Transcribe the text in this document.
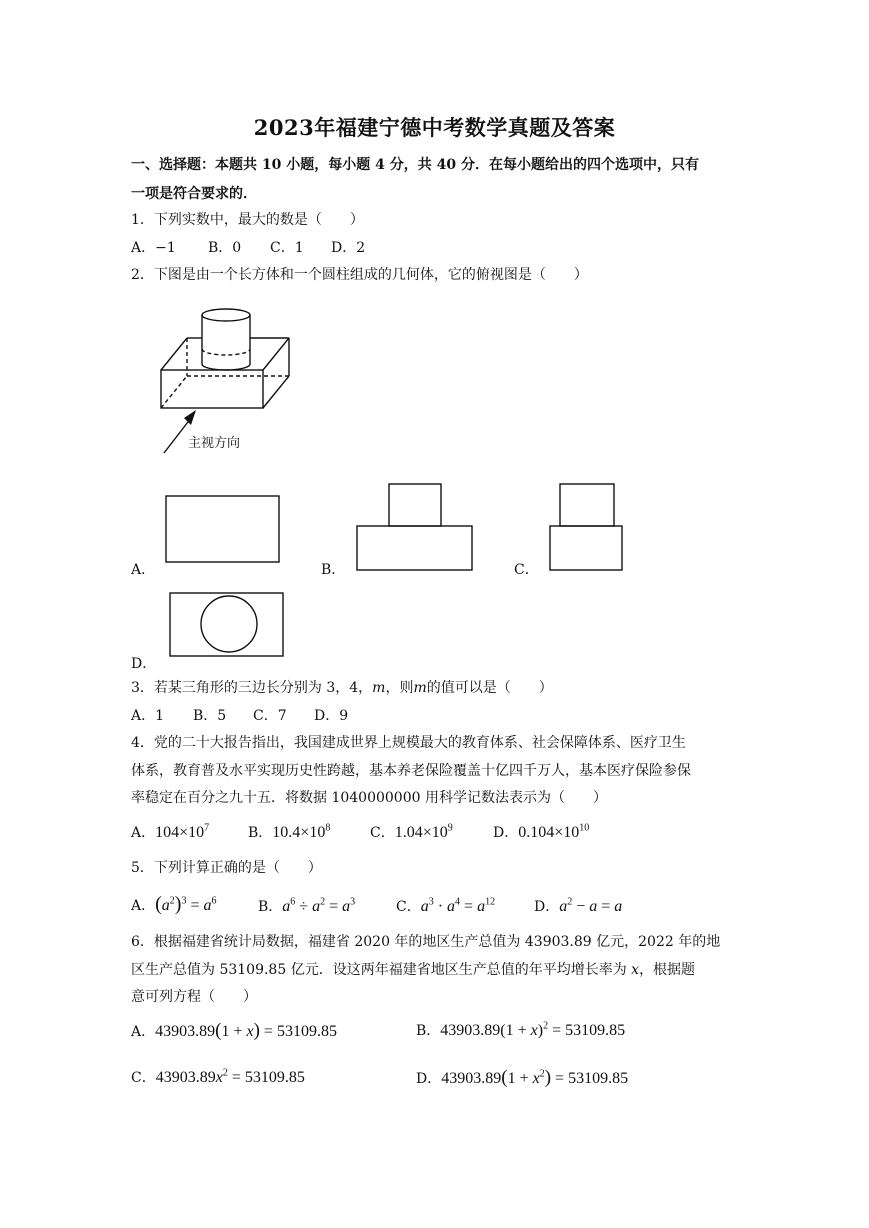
2023年福建宁德中考数学真题及答案
一、选择题：本题共 10 小题，每小题 4 分，共 40 分．在每小题给出的四个选项中，只有
一项是符合要求的．
1．下列实数中，最大的数是（　　）
A．−1 B．0 C．1 D．2
2．下图是由一个长方体和一个圆柱组成的几何体，它的俯视图是（　　）
主视方向
A．	B．	C．
D．
3．若某三角形的三边长分别为 3，4，m，则m的值可以是（　　）
A．1 B．5 C．7 D．9
4．党的二十大报告指出，我国建成世界上规模最大的教育体系、社会保障体系、医疗卫生
体系，教育普及水平实现历史性跨越，基本养老保险覆盖十亿四千万人，基本医疗保险参保
率稳定在百分之九十五．将数据 1040000000 用科学记数法表示为（　　）
A．$104\times 10^7$	B．$10.4\times 10^8$	C．$1.04\times 10^9$	D．$0.104\times 10^{10}$
5．下列计算正确的是（　　）
A．$(a^2)^3 = a^6$	B．$a^6 \div a^2 = a^3$	C．$a^3 \cdot a^4 = a^{12}$	D．$a^2 - a = a$
6．根据福建省统计局数据，福建省 2020 年的地区生产总值为 43903.89 亿元，2022 年的地
区生产总值为 53109.85 亿元．设这两年福建省地区生产总值的年平均增长率为 x，根据题
意可列方程（　　）
A．43903.89(1 + x) = 53109.85	B．$43903.89(1 + x)^2 = 53109.85$
C．$43903.89x^2 = 53109.85$	D．$43903.89(1 + x^2) = 53109.85$
